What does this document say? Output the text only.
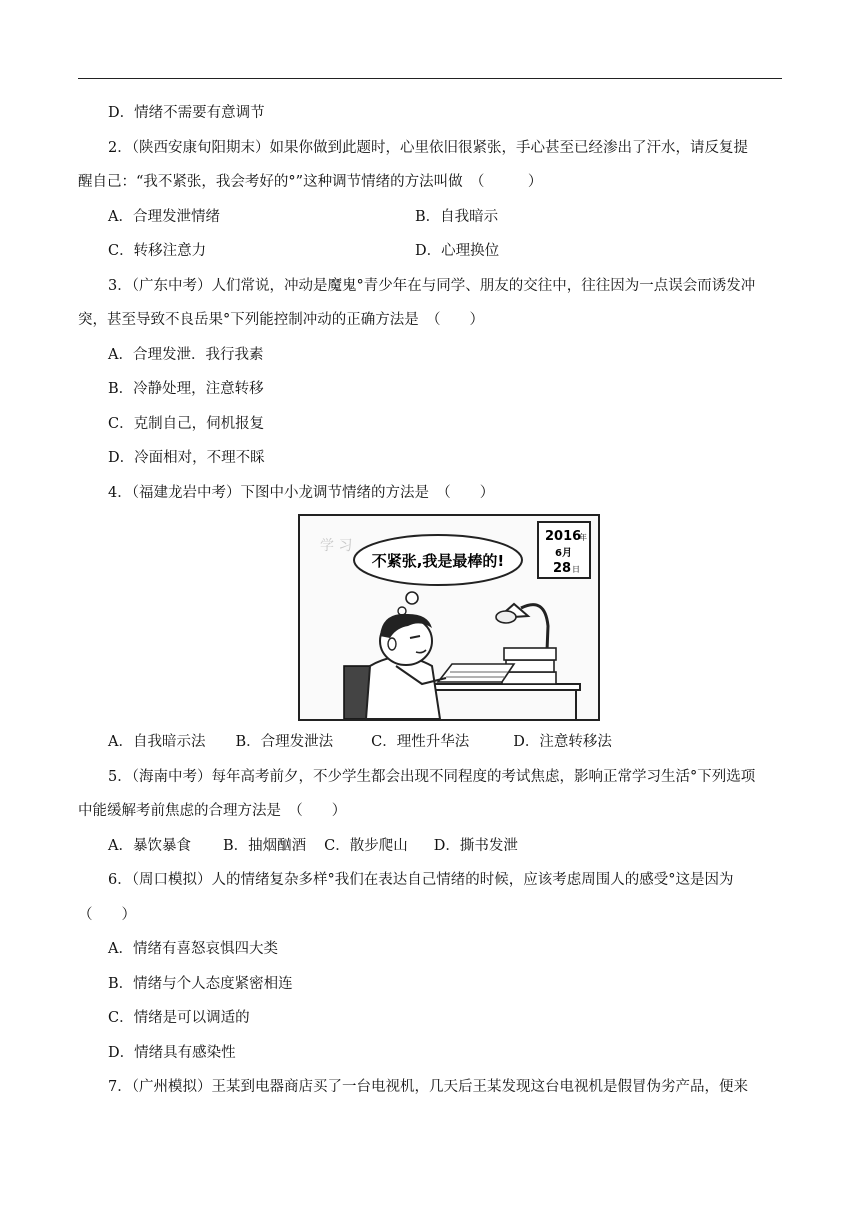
D．情绪不需要有意调节
2．（陕西安康旬阳期末）如果你做到此题时，心里依旧很紧张，手心甚至已经渗出了汗水，请反复提
醒自己：“我不紧张，我会考好的°”这种调节情绪的方法叫做　（　　　）
A．合理发泄情绪	B．自我暗示
C．转移注意力	D．心理换位
3．（广东中考）人们常说，冲动是魔鬼°青少年在与同学、朋友的交往中，往往因为一点误会而诱发冲
突，甚至导致不良岳果°下列能控制冲动的正确方法是　（　　）
A．合理发泄．我行我素
B．冷静处理，注意转移
C．克制自己，伺机报复
D．冷面相对，不理不睬
4．（福建龙岩中考）下图中小龙调节情绪的方法是　（　　）
学 习
不紧张,我是最棒的!
2016
年
6月
28 日
A．自我暗示法 B．合理发泄法	C．理性升华法	D．注意转移法
5．（海南中考）每年高考前夕，不少学生都会出现不同程度的考试焦虑，影响正常学习生活°下列选项
中能缓解考前焦虑的合理方法是　（　　）
A．暴饮暴食 B．抽烟酗酒 C．散步爬山 D．撕书发泄
6．（周口模拟）人的情绪复杂多样°我们在表达自己情绪的时候，应该考虑周围人的感受°这是因为
（　　）
A．情绪有喜怒哀惧四大类
B．情绪与个人态度紧密相连
C．情绪是可以调适的
D．情绪具有感染性
7．（广州模拟）王某到电器商店买了一台电视机，几天后王某发现这台电视机是假冒伪劣产品，便来
